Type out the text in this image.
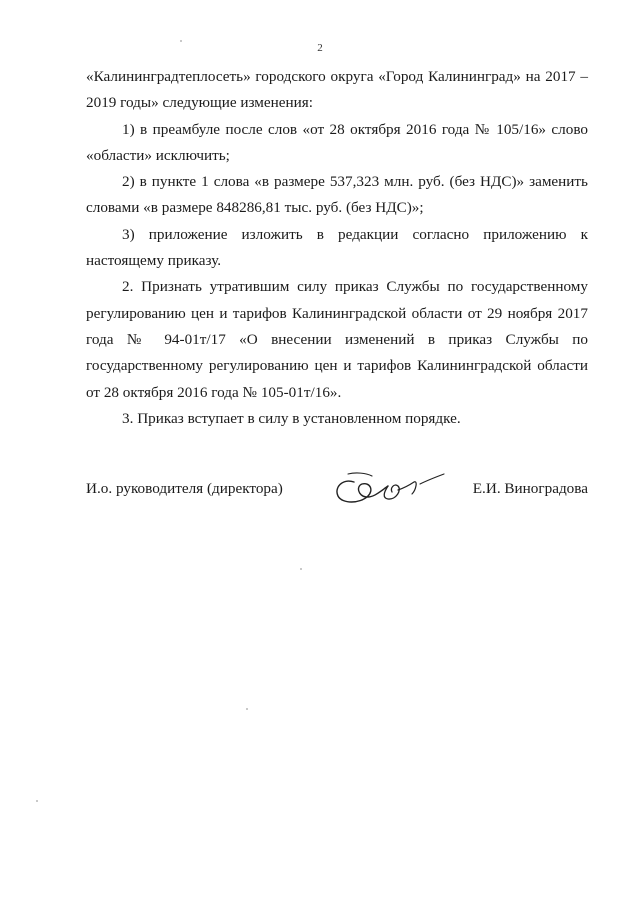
2

«Калининградтеплосеть» городского округа «Город Калининград» на 2017 – 2019 годы» следующие изменения:

1) в преамбуле после слов «от 28 октября 2016 года № 105/16» слово «области» исключить;

2) в пункте 1 слова «в размере 537,323 млн. руб. (без НДС)» заменить словами «в размере 848286,81 тыс. руб. (без НДС)»;

3) приложение изложить в редакции согласно приложению к настоящему приказу.

2. Признать утратившим силу приказ Службы по государственному регулированию цен и тарифов Калининградской области от 29 ноября 2017 года № 94-01т/17 «О внесении изменений в приказ Службы по государственному регулированию цен и тарифов Калининградской области от 28 октября 2016 года № 105-01т/16».

3. Приказ вступает в силу в установленном порядке.

И.о. руководителя (директора)	Е.И. Виноградова
